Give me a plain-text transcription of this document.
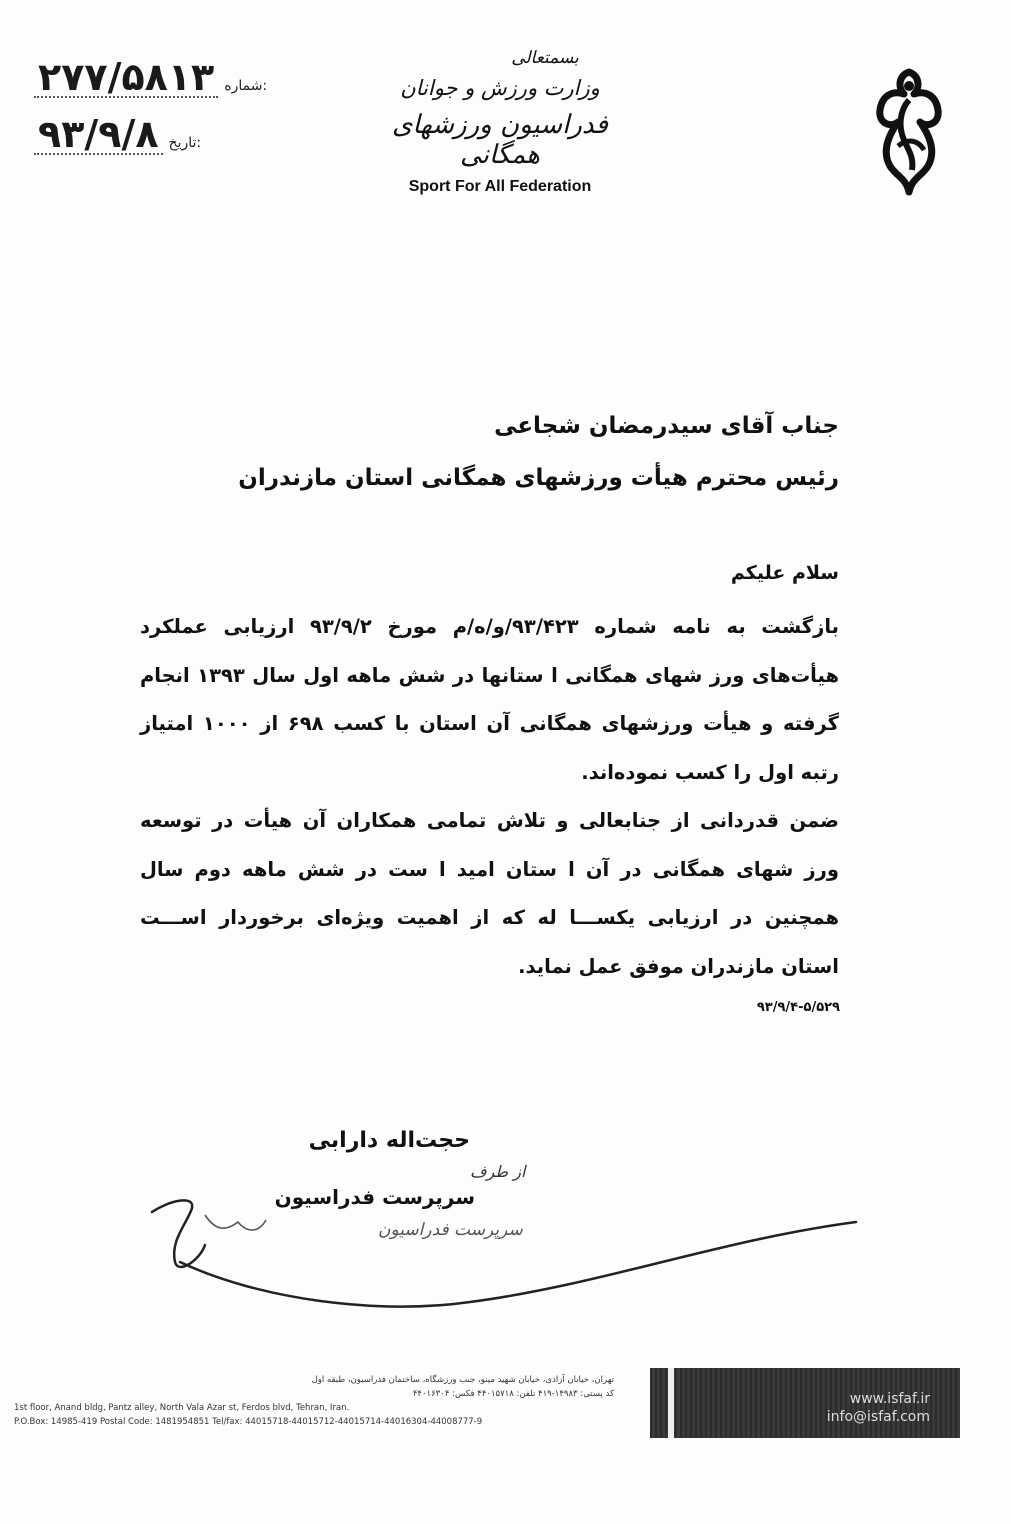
۲۷۷/۵۸۱۳ شماره:
۹۳/۹/۸ تاریخ:
بسمتعالی
وزارت ورزش و جوانان
فدراسیون ورزشهای همگانی
Sport For All Federation
جناب آقای سیدرمضان شجاعی
رئیس محترم هیأت ورزشهای همگانی استان مازندران
سلام علیکم
بازگشت به نامه شماره ۹۳/۴۲۳/و/ه/م مورخ ۹۳/۹/۲ ارزیابی عملکرد هیأت‌های ورز شهای همگانی ا ستانها در شش ماهه اول سال ۱۳۹۳ انجام گرفته و هیأت ورزشهای همگانی آن استان با کسب ۶۹۸ از ۱۰۰۰ امتیاز رتبه اول را کسب نموده‌اند.
ضمن قدردانی از جنابعالی و تلاش تمامی همکاران آن هیأت در توسعه ورز شهای همگانی در آن ا ستان امید ا ست در شش ماهه دوم سال همچنین در ارزیابی یکســـا له که از اهمیت ویژه‌ای برخوردار اســـت استان مازندران موفق عمل نماید.
۹۳/۹/۴-۵/۵۲۹
حجت‌اله دارابی
از طرف
سرپرست فدراسیون
سرپرست فدراسیون
تهران، خیابان آزادی، خیابان شهید مینو، جنب ورزشگاه، ساختمان فدراسیون، طبقه اول
کد پستی: ۱۴۹۸۳-۴۱۹ تلفن: ۴۴۰۱۵۷۱۸ فکس: ۴۴۰۱۶۳۰۴
1st floor, Anand bldg, Pantz alley, North Vala Azar st, Ferdos blvd, Tehran, Iran.
P.O.Box: 14985-419 Postal Code: 1481954851 Tel/fax: 44015718-44015712-44015714-44016304-44008777-9
www.isfaf.ir
info@isfaf.com
